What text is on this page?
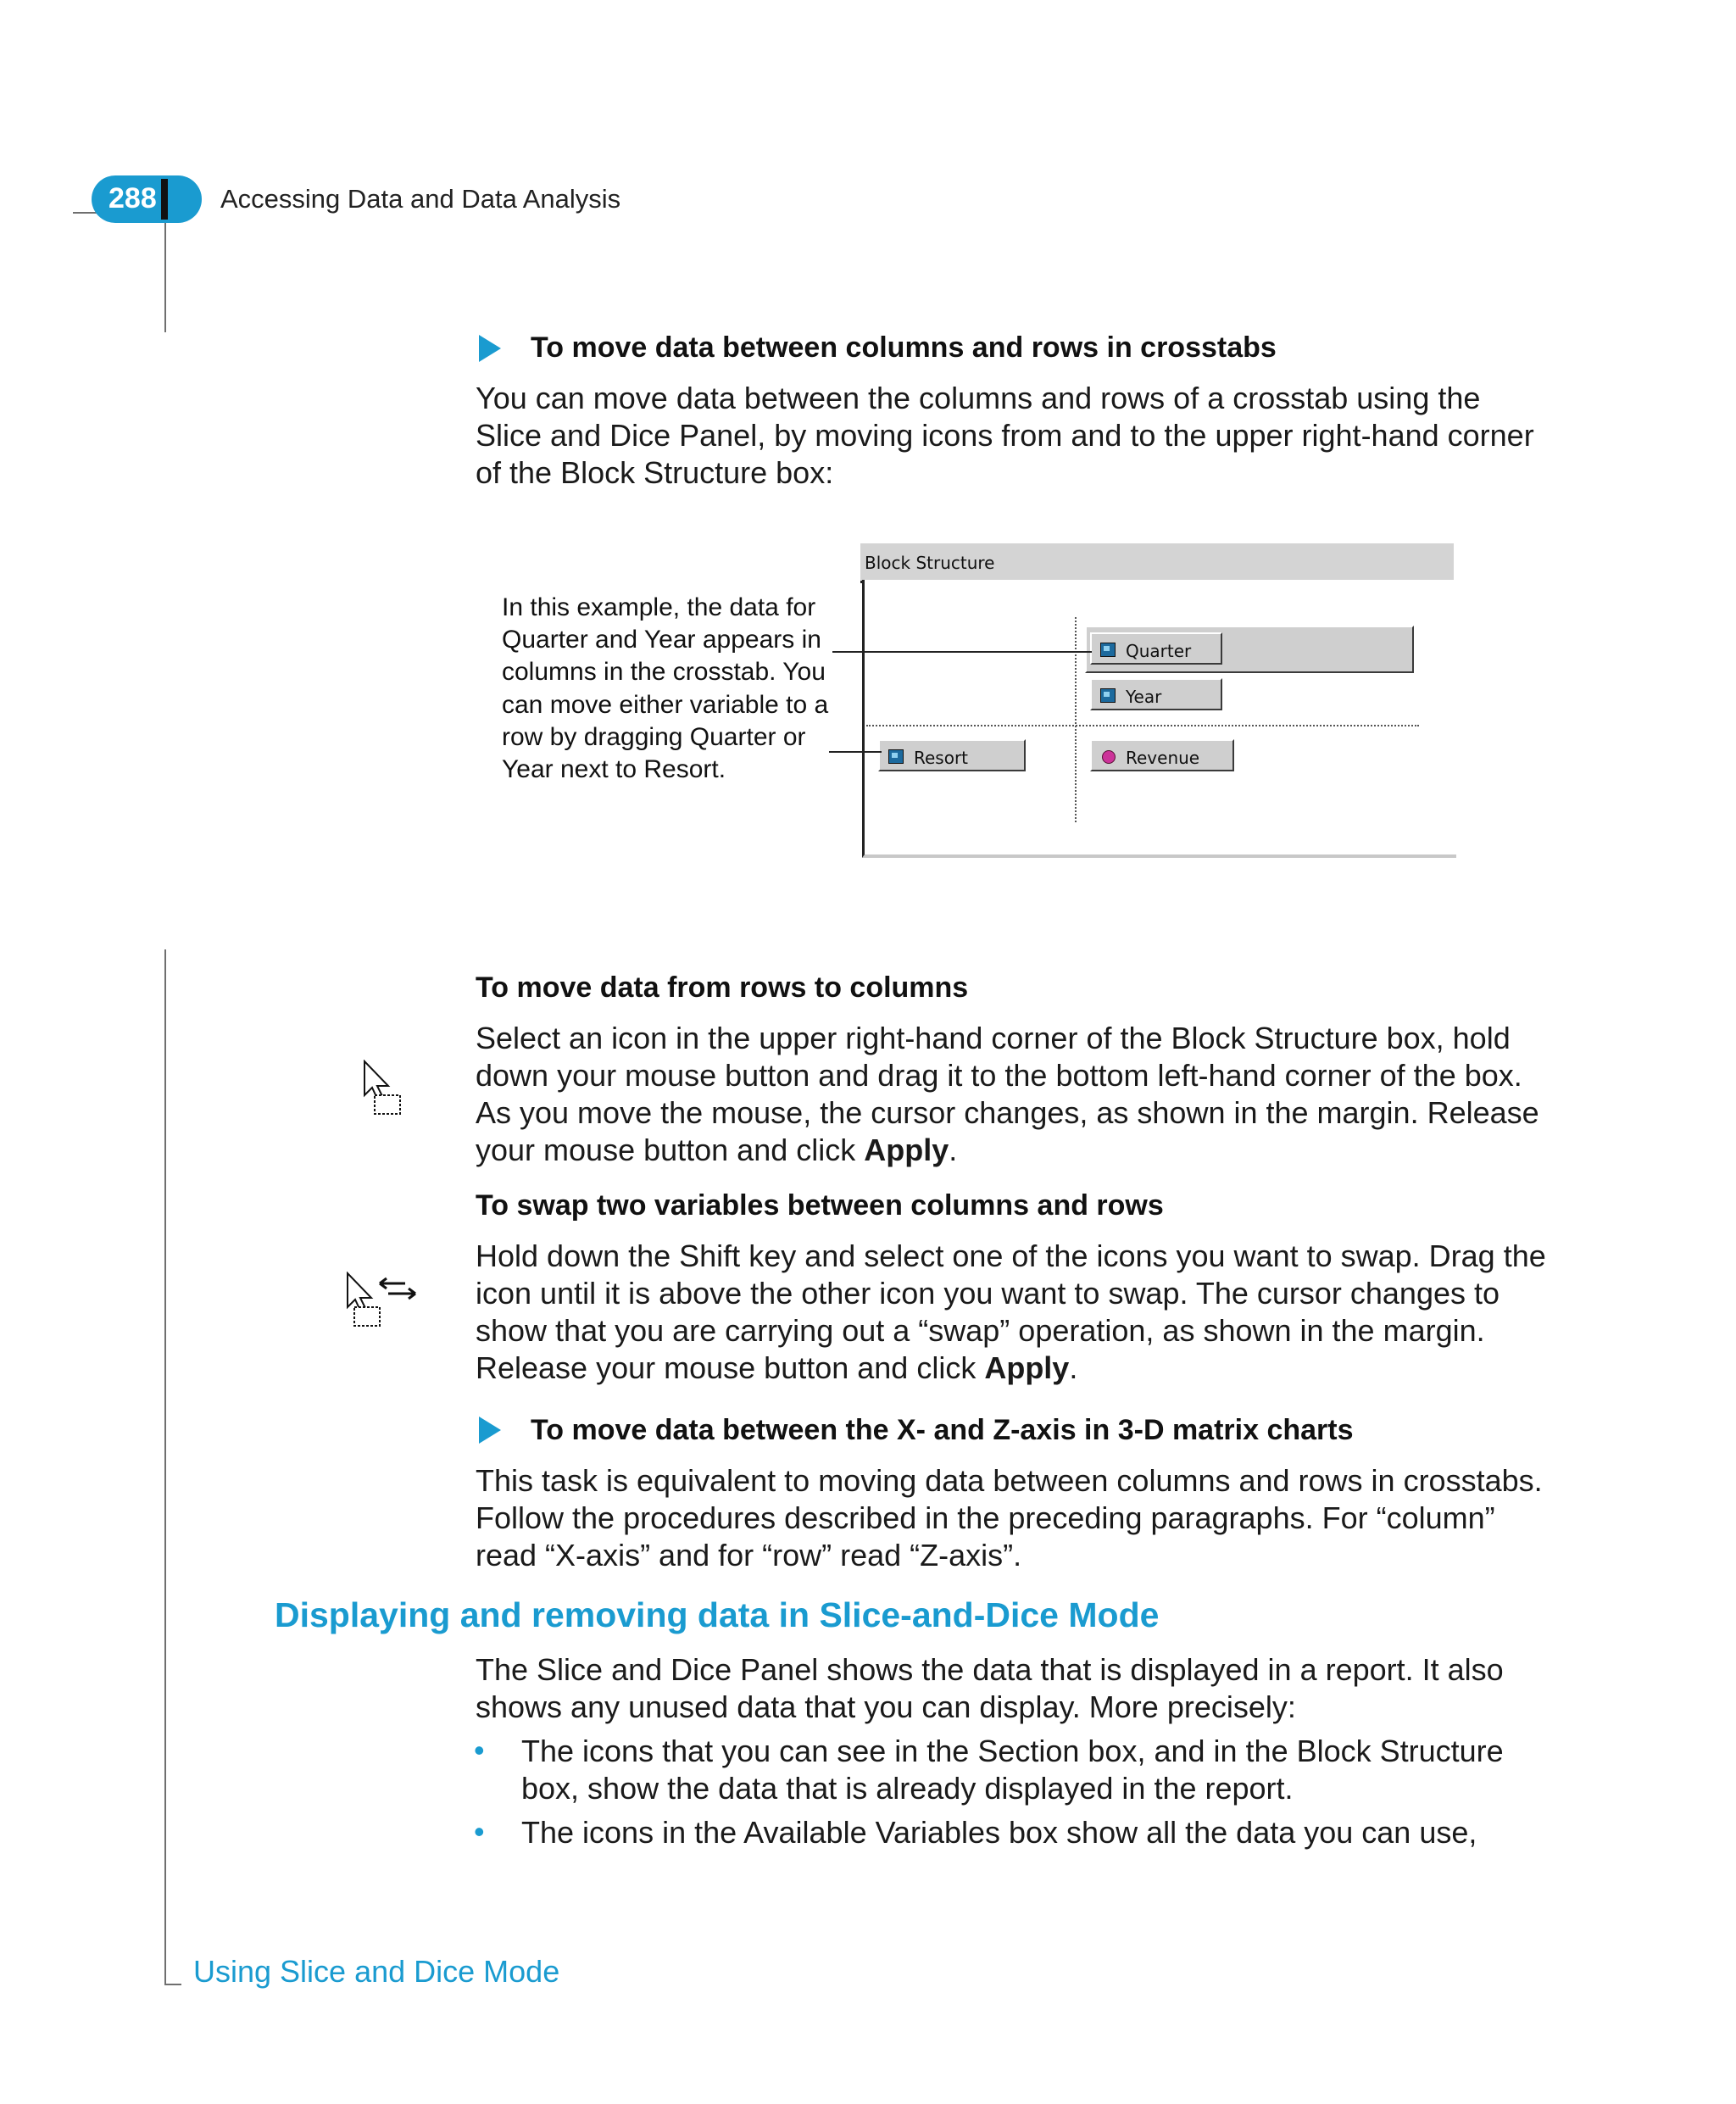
288 Accessing Data and Data Analysis
To move data between columns and rows in crosstabs
You can move data between the columns and rows of a crosstab using the Slice and Dice Panel, by moving icons from and to the upper right-hand corner of the Block Structure box:
In this example, the data for Quarter and Year appears in columns in the crosstab. You can move either variable to a row by dragging Quarter or Year next to Resort.
Block Structure
Quarter
Year
Resort	Revenue
To move data from rows to columns
Select an icon in the upper right-hand corner of the Block Structure box, hold down your mouse button and drag it to the bottom left-hand corner of the box. As you move the mouse, the cursor changes, as shown in the margin. Release your mouse button and click Apply.
To swap two variables between columns and rows
Hold down the Shift key and select one of the icons you want to swap. Drag the icon until it is above the other icon you want to swap. The cursor changes to show that you are carrying out a “swap” operation, as shown in the margin. Release your mouse button and click Apply.
To move data between the X- and Z-axis in 3-D matrix charts
This task is equivalent to moving data between columns and rows in crosstabs. Follow the procedures described in the preceding paragraphs. For “column” read “X-axis” and for “row” read “Z-axis”.
Displaying and removing data in Slice-and-Dice Mode
The Slice and Dice Panel shows the data that is displayed in a report. It also shows any unused data that you can display. More precisely:
• The icons that you can see in the Section box, and in the Block Structure box, show the data that is already displayed in the report.
• The icons in the Available Variables box show all the data you can use,
Using Slice and Dice Mode
